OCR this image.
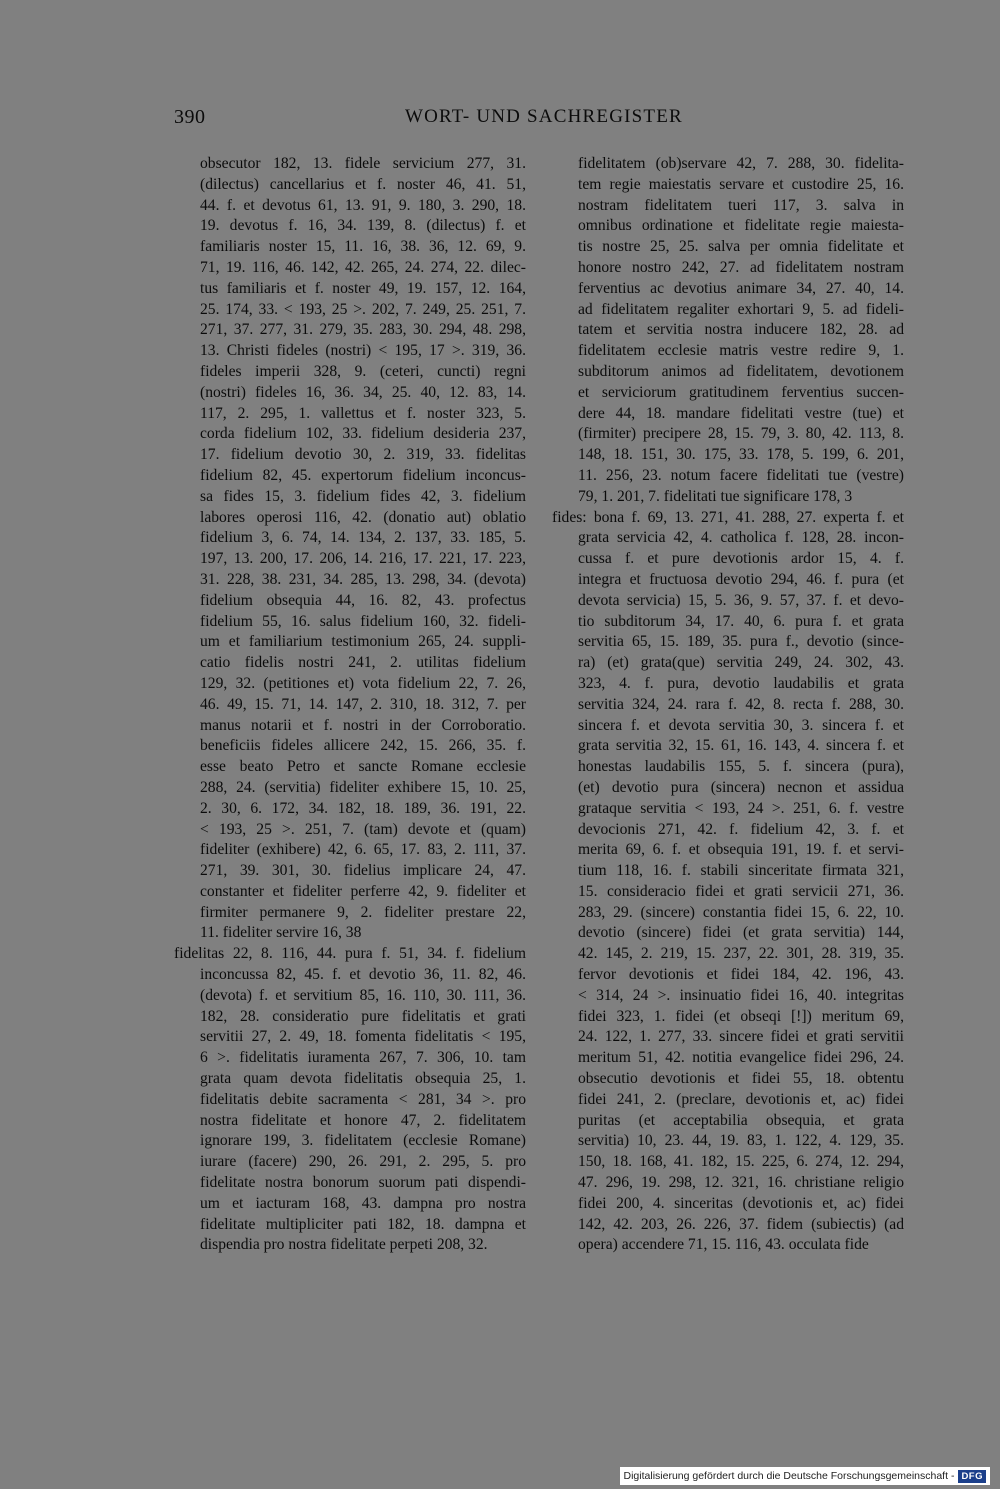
390	WORT- UND SACHREGISTER
obsecutor 182, 13. fidele servicium 277, 31.
(dilectus) cancellarius et f. noster 46, 41. 51,
44. f. et devotus 61, 13. 91, 9. 180, 3. 290, 18.
19. devotus f. 16, 34. 139, 8. (dilectus) f. et
familiaris noster 15, 11. 16, 38. 36, 12. 69, 9.
71, 19. 116, 46. 142, 42. 265, 24. 274, 22. dilec-
tus familiaris et f. noster 49, 19. 157, 12. 164,
25. 174, 33. < 193, 25 >. 202, 7. 249, 25. 251, 7.
271, 37. 277, 31. 279, 35. 283, 30. 294, 48. 298,
13. Christi fideles (nostri) < 195, 17 >. 319, 36.
fideles imperii 328, 9. (ceteri, cuncti) regni
(nostri) fideles 16, 36. 34, 25. 40, 12. 83, 14.
117, 2. 295, 1. vallettus et f. noster 323, 5.
corda fidelium 102, 33. fidelium desideria 237,
17. fidelium devotio 30, 2. 319, 33. fidelitas
fidelium 82, 45. expertorum fidelium inconcus-
sa fides 15, 3. fidelium fides 42, 3. fidelium
labores operosi 116, 42. (donatio aut) oblatio
fidelium 3, 6. 74, 14. 134, 2. 137, 33. 185, 5.
197, 13. 200, 17. 206, 14. 216, 17. 221, 17. 223,
31. 228, 38. 231, 34. 285, 13. 298, 34. (devota)
fidelium obsequia 44, 16. 82, 43. profectus
fidelium 55, 16. salus fidelium 160, 32. fideli-
um et familiarium testimonium 265, 24. suppli-
catio fidelis nostri 241, 2. utilitas fidelium
129, 32. (petitiones et) vota fidelium 22, 7. 26,
46. 49, 15. 71, 14. 147, 2. 310, 18. 312, 7. per
manus notarii et f. nostri in der Corroboratio.
beneficiis fideles allicere 242, 15. 266, 35. f.
esse beato Petro et sancte Romane ecclesie
288, 24. (servitia) fideliter exhibere 15, 10. 25,
2. 30, 6. 172, 34. 182, 18. 189, 36. 191, 22.
< 193, 25 >. 251, 7. (tam) devote et (quam)
fideliter (exhibere) 42, 6. 65, 17. 83, 2. 111, 37.
271, 39. 301, 30. fidelius implicare 24, 47.
constanter et fideliter perferre 42, 9. fideliter et
firmiter permanere 9, 2. fideliter prestare 22,
11. fideliter servire 16, 38
fidelitas 22, 8. 116, 44. pura f. 51, 34. f. fidelium
inconcussa 82, 45. f. et devotio 36, 11. 82, 46.
(devota) f. et servitium 85, 16. 110, 30. 111, 36.
182, 28. consideratio pure fidelitatis et grati
servitii 27, 2. 49, 18. fomenta fidelitatis < 195,
6 >. fidelitatis iuramenta 267, 7. 306, 10. tam
grata quam devota fidelitatis obsequia 25, 1.
fidelitatis debite sacramenta < 281, 34 >. pro
nostra fidelitate et honore 47, 2. fidelitatem
ignorare 199, 3. fidelitatem (ecclesie Romane)
iurare (facere) 290, 26. 291, 2. 295, 5. pro
fidelitate nostra bonorum suorum pati dispendi-
um et iacturam 168, 43. dampna pro nostra
fidelitate multipliciter pati 182, 18. dampna et
dispendia pro nostra fidelitate perpeti 208, 32.
fidelitatem (ob)servare 42, 7. 288, 30. fidelita-
tem regie maiestatis servare et custodire 25, 16.
nostram fidelitatem tueri 117, 3. salva in
omnibus ordinatione et fidelitate regie maiesta-
tis nostre 25, 25. salva per omnia fidelitate et
honore nostro 242, 27. ad fidelitatem nostram
ferventius ac devotius animare 34, 27. 40, 14.
ad fidelitatem regaliter exhortari 9, 5. ad fideli-
tatem et servitia nostra inducere 182, 28. ad
fidelitatem ecclesie matris vestre redire 9, 1.
subditorum animos ad fidelitatem, devotionem
et serviciorum gratitudinem ferventius succen-
dere 44, 18. mandare fidelitati vestre (tue) et
(firmiter) precipere 28, 15. 79, 3. 80, 42. 113, 8.
148, 18. 151, 30. 175, 33. 178, 5. 199, 6. 201,
11. 256, 23. notum facere fidelitati tue (vestre)
79, 1. 201, 7. fidelitati tue significare 178, 3
fides: bona f. 69, 13. 271, 41. 288, 27. experta f. et
grata servicia 42, 4. catholica f. 128, 28. incon-
cussa f. et pure devotionis ardor 15, 4. f.
integra et fructuosa devotio 294, 46. f. pura (et
devota servicia) 15, 5. 36, 9. 57, 37. f. et devo-
tio subditorum 34, 17. 40, 6. pura f. et grata
servitia 65, 15. 189, 35. pura f., devotio (since-
ra) (et) grata(que) servitia 249, 24. 302, 43.
323, 4. f. pura, devotio laudabilis et grata
servitia 324, 24. rara f. 42, 8. recta f. 288, 30.
sincera f. et devota servitia 30, 3. sincera f. et
grata servitia 32, 15. 61, 16. 143, 4. sincera f. et
honestas laudabilis 155, 5. f. sincera (pura),
(et) devotio pura (sincera) necnon et assidua
grataque servitia < 193, 24 >. 251, 6. f. vestre
devocionis 271, 42. f. fidelium 42, 3. f. et
merita 69, 6. f. et obsequia 191, 19. f. et servi-
tium 118, 16. f. stabili sinceritate firmata 321,
15. consideracio fidei et grati servicii 271, 36.
283, 29. (sincere) constantia fidei 15, 6. 22, 10.
devotio (sincere) fidei (et grata servitia) 144,
42. 145, 2. 219, 15. 237, 22. 301, 28. 319, 35.
fervor devotionis et fidei 184, 42. 196, 43.
< 314, 24 >. insinuatio fidei 16, 40. integritas
fidei 323, 1. fidei (et obseqi [!]) meritum 69,
24. 122, 1. 277, 33. sincere fidei et grati servitii
meritum 51, 42. notitia evangelice fidei 296, 24.
obsecutio devotionis et fidei 55, 18. obtentu
fidei 241, 2. (preclare, devotionis et, ac) fidei
puritas (et acceptabilia obsequia, et grata
servitia) 10, 23. 44, 19. 83, 1. 122, 4. 129, 35.
150, 18. 168, 41. 182, 15. 225, 6. 274, 12. 294,
47. 296, 19. 298, 12. 321, 16. christiane religio
fidei 200, 4. sinceritas (devotionis et, ac) fidei
142, 42. 203, 26. 226, 37. fidem (subiectis) (ad
opera) accendere 71, 15. 116, 43. occulata fide
Digitalisierung gefördert durch die Deutsche Forschungsgemeinschaft - DFG
